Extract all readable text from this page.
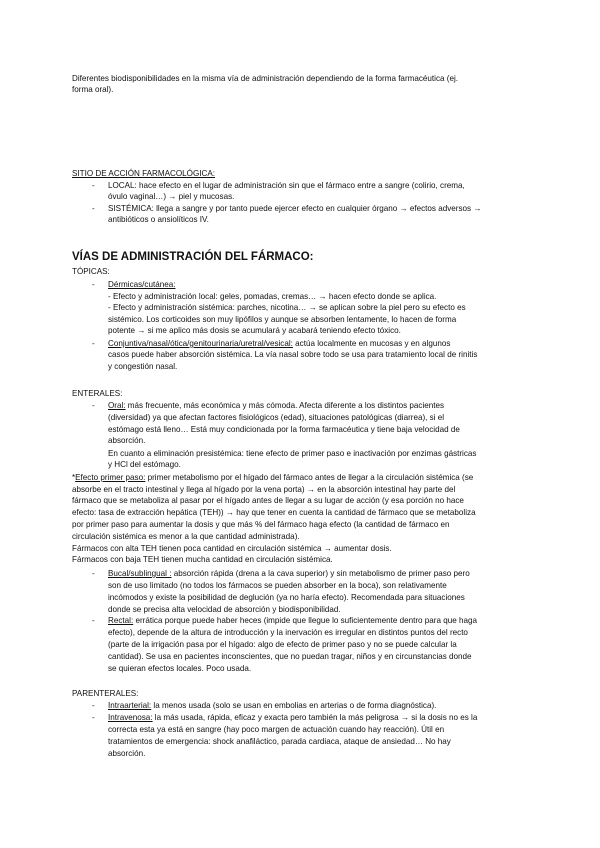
Diferentes biodisponibilidades en la misma vía de administración dependiendo de la forma farmacéutica (ej.
forma oral).
SITIO DE ACCIÓN FARMACOLÓGICA:
- LOCAL: hace efecto en el lugar de administración sin que el fármaco entre a sangre (colirio, crema,
óvulo vaginal…) → piel y mucosas.
- SISTÉMICA: llega a sangre y por tanto puede ejercer efecto en cualquier órgano → efectos adversos →
antibióticos o ansiolíticos IV.
VÍAS DE ADMINISTRACIÓN DEL FÁRMACO:
TÓPICAS:
- Dérmicas/cutánea:
- Efecto y administración local: geles, pomadas, cremas… → hacen efecto donde se aplica.
- Efecto y administración sistémica: parches, nicotina… → se aplican sobre la piel pero su efecto es
sistémico. Los corticoides son muy lipófilos y aunque se absorben lentamente, lo hacen de forma
potente → si me aplico más dosis se acumulará y acabará teniendo efecto tóxico.
- Conjuntiva/nasal/ótica/genitourinaria/uretral/vesical: actúa localmente en mucosas y en algunos
casos puede haber absorción sistémica. La vía nasal sobre todo se usa para tratamiento local de rinitis
y congestión nasal.
ENTERALES:
- Oral: más frecuente, más económica y más cómoda. Afecta diferente a los distintos pacientes
(diversidad) ya que afectan factores fisiológicos (edad), situaciones patológicas (diarrea), si el
estómago está lleno… Está muy condicionada por la forma farmacéutica y tiene baja velocidad de
absorción.
En cuanto a eliminación presistémica: tiene efecto de primer paso e inactivación por enzimas gástricas
y HCl del estómago.
*Efecto primer paso: primer metabolismo por el hígado del fármaco antes de llegar a la circulación sistémica (se
absorbe en el tracto intestinal y llega al hígado por la vena porta) → en la absorción intestinal hay parte del
fármaco que se metaboliza al pasar por el hígado antes de llegar a su lugar de acción (y esa porción no hace
efecto: tasa de extracción hepática (TEH)) → hay que tener en cuenta la cantidad de fármaco que se metaboliza
por primer paso para aumentar la dosis y que más % del fármaco haga efecto (la cantidad de fármaco en
circulación sistémica es menor a la que cantidad administrada).
Fármacos con alta TEH tienen poca cantidad en circulación sistémica → aumentar dosis.
Fármacos con baja TEH tienen mucha cantidad en circulación sistémica.
- Bucal/sublingual : absorción rápida (drena a la cava superior) y sin metabolismo de primer paso pero
son de uso limitado (no todos los fármacos se pueden absorber en la boca), son relativamente
incómodos y existe la posibilidad de deglución (ya no haría efecto). Recomendada para situaciones
donde se precisa alta velocidad de absorción y biodisponibilidad.
- Rectal: errática porque puede haber heces (impide que llegue lo suficientemente dentro para que haga
efecto), depende de la altura de introducción y la inervación es irregular en distintos puntos del recto
(parte de la irrigación pasa por el hígado: algo de efecto de primer paso y no se puede calcular la
cantidad). Se usa en pacientes inconscientes, que no puedan tragar, niños y en circunstancias donde
se quieran efectos locales. Poco usada.
PARENTERALES:
- Intraarterial: la menos usada (solo se usan en embolias en arterias o de forma diagnóstica).
- Intravenosa: la más usada, rápida, eficaz y exacta pero también la más peligrosa → si la dosis no es la
correcta esta ya está en sangre (hay poco margen de actuación cuando hay reacción). Útil en
tratamientos de emergencia: shock anafiláctico, parada cardiaca, ataque de ansiedad… No hay
absorción.
